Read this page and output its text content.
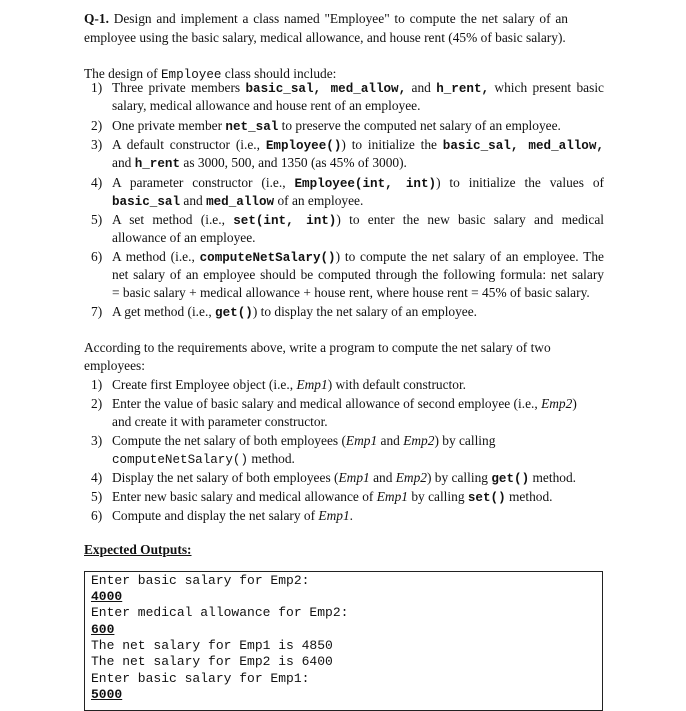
Q-1. Design and implement a class named "Employee" to compute the net salary of an
employee using the basic salary, medical allowance, and house rent (45% of basic salary).
The design of Employee class should include:
1) Three private members basic_sal, med_allow, and h_rent, which present basic
salary, medical allowance and house rent of an employee.
2) One private member net_sal to preserve the computed net salary of an employee.
3) A default constructor (i.e., Employee()) to initialize the basic_sal, med_allow,
and h_rent as 3000, 500, and 1350 (as 45% of 3000).
4) A parameter constructor (i.e., Employee(int, int)) to initialize the values of
basic_sal and med_allow of an employee.
5) A set method (i.e., set(int, int)) to enter the new basic salary and medical
allowance of an employee.
6) A method (i.e., computeNetSalary()) to compute the net salary of an employee. The
net salary of an employee should be computed through the following formula: net salary
= basic salary + medical allowance + house rent, where house rent = 45% of basic salary.
7) A get method (i.e., get()) to display the net salary of an employee.
According to the requirements above, write a program to compute the net salary of two
employees:
1) Create first Employee object (i.e., Emp1) with default constructor.
2) Enter the value of basic salary and medical allowance of second employee (i.e., Emp2)
and create it with parameter constructor.
3) Compute the net salary of both employees (Emp1 and Emp2) by calling
computeNetSalary() method.
4) Display the net salary of both employees (Emp1 and Emp2) by calling get() method.
5) Enter new basic salary and medical allowance of Emp1 by calling set() method.
6) Compute and display the net salary of Emp1.
Expected Outputs:
Enter basic salary for Emp2:
4000
Enter medical allowance for Emp2:
600
The net salary for Emp1 is 4850
The net salary for Emp2 is 6400
Enter basic salary for Emp1:
5000
